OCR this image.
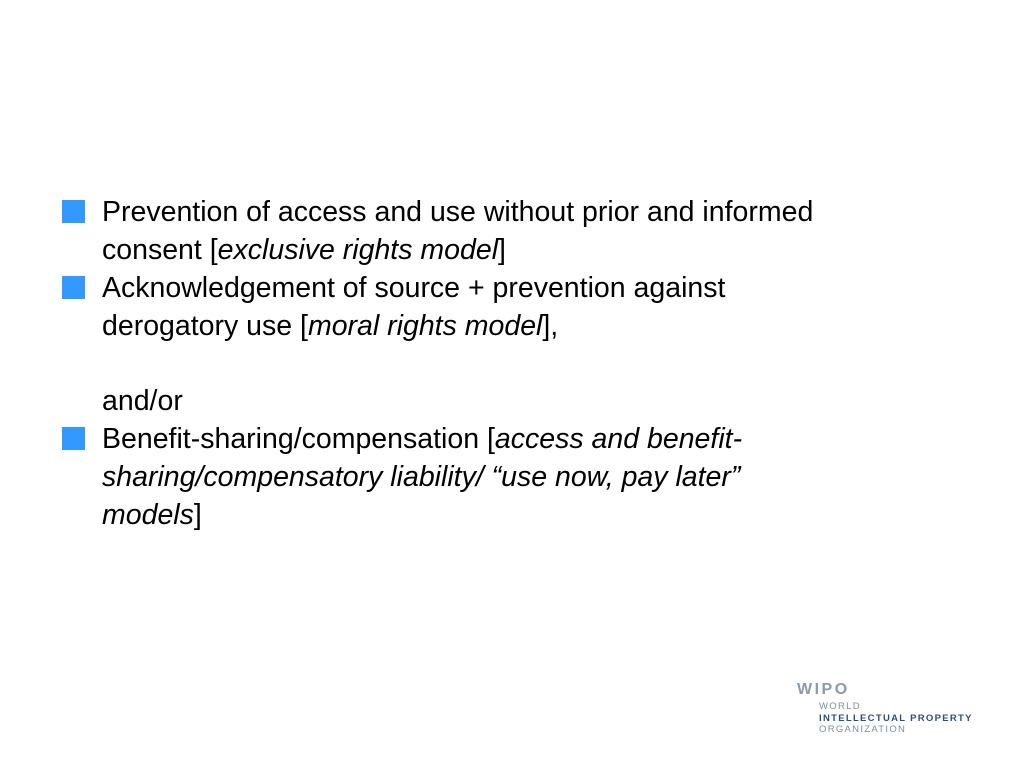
Prevention of access and use without prior and informed
consent [exclusive rights model]
Acknowledgement of source + prevention against
derogatory use [moral rights model],
and/or
Benefit-sharing/compensation [access and benefit-
sharing/compensatory liability/ “use now, pay later”
models]
WIPO
WORLD
INTELLECTUAL PROPERTY
ORGANIZATION
